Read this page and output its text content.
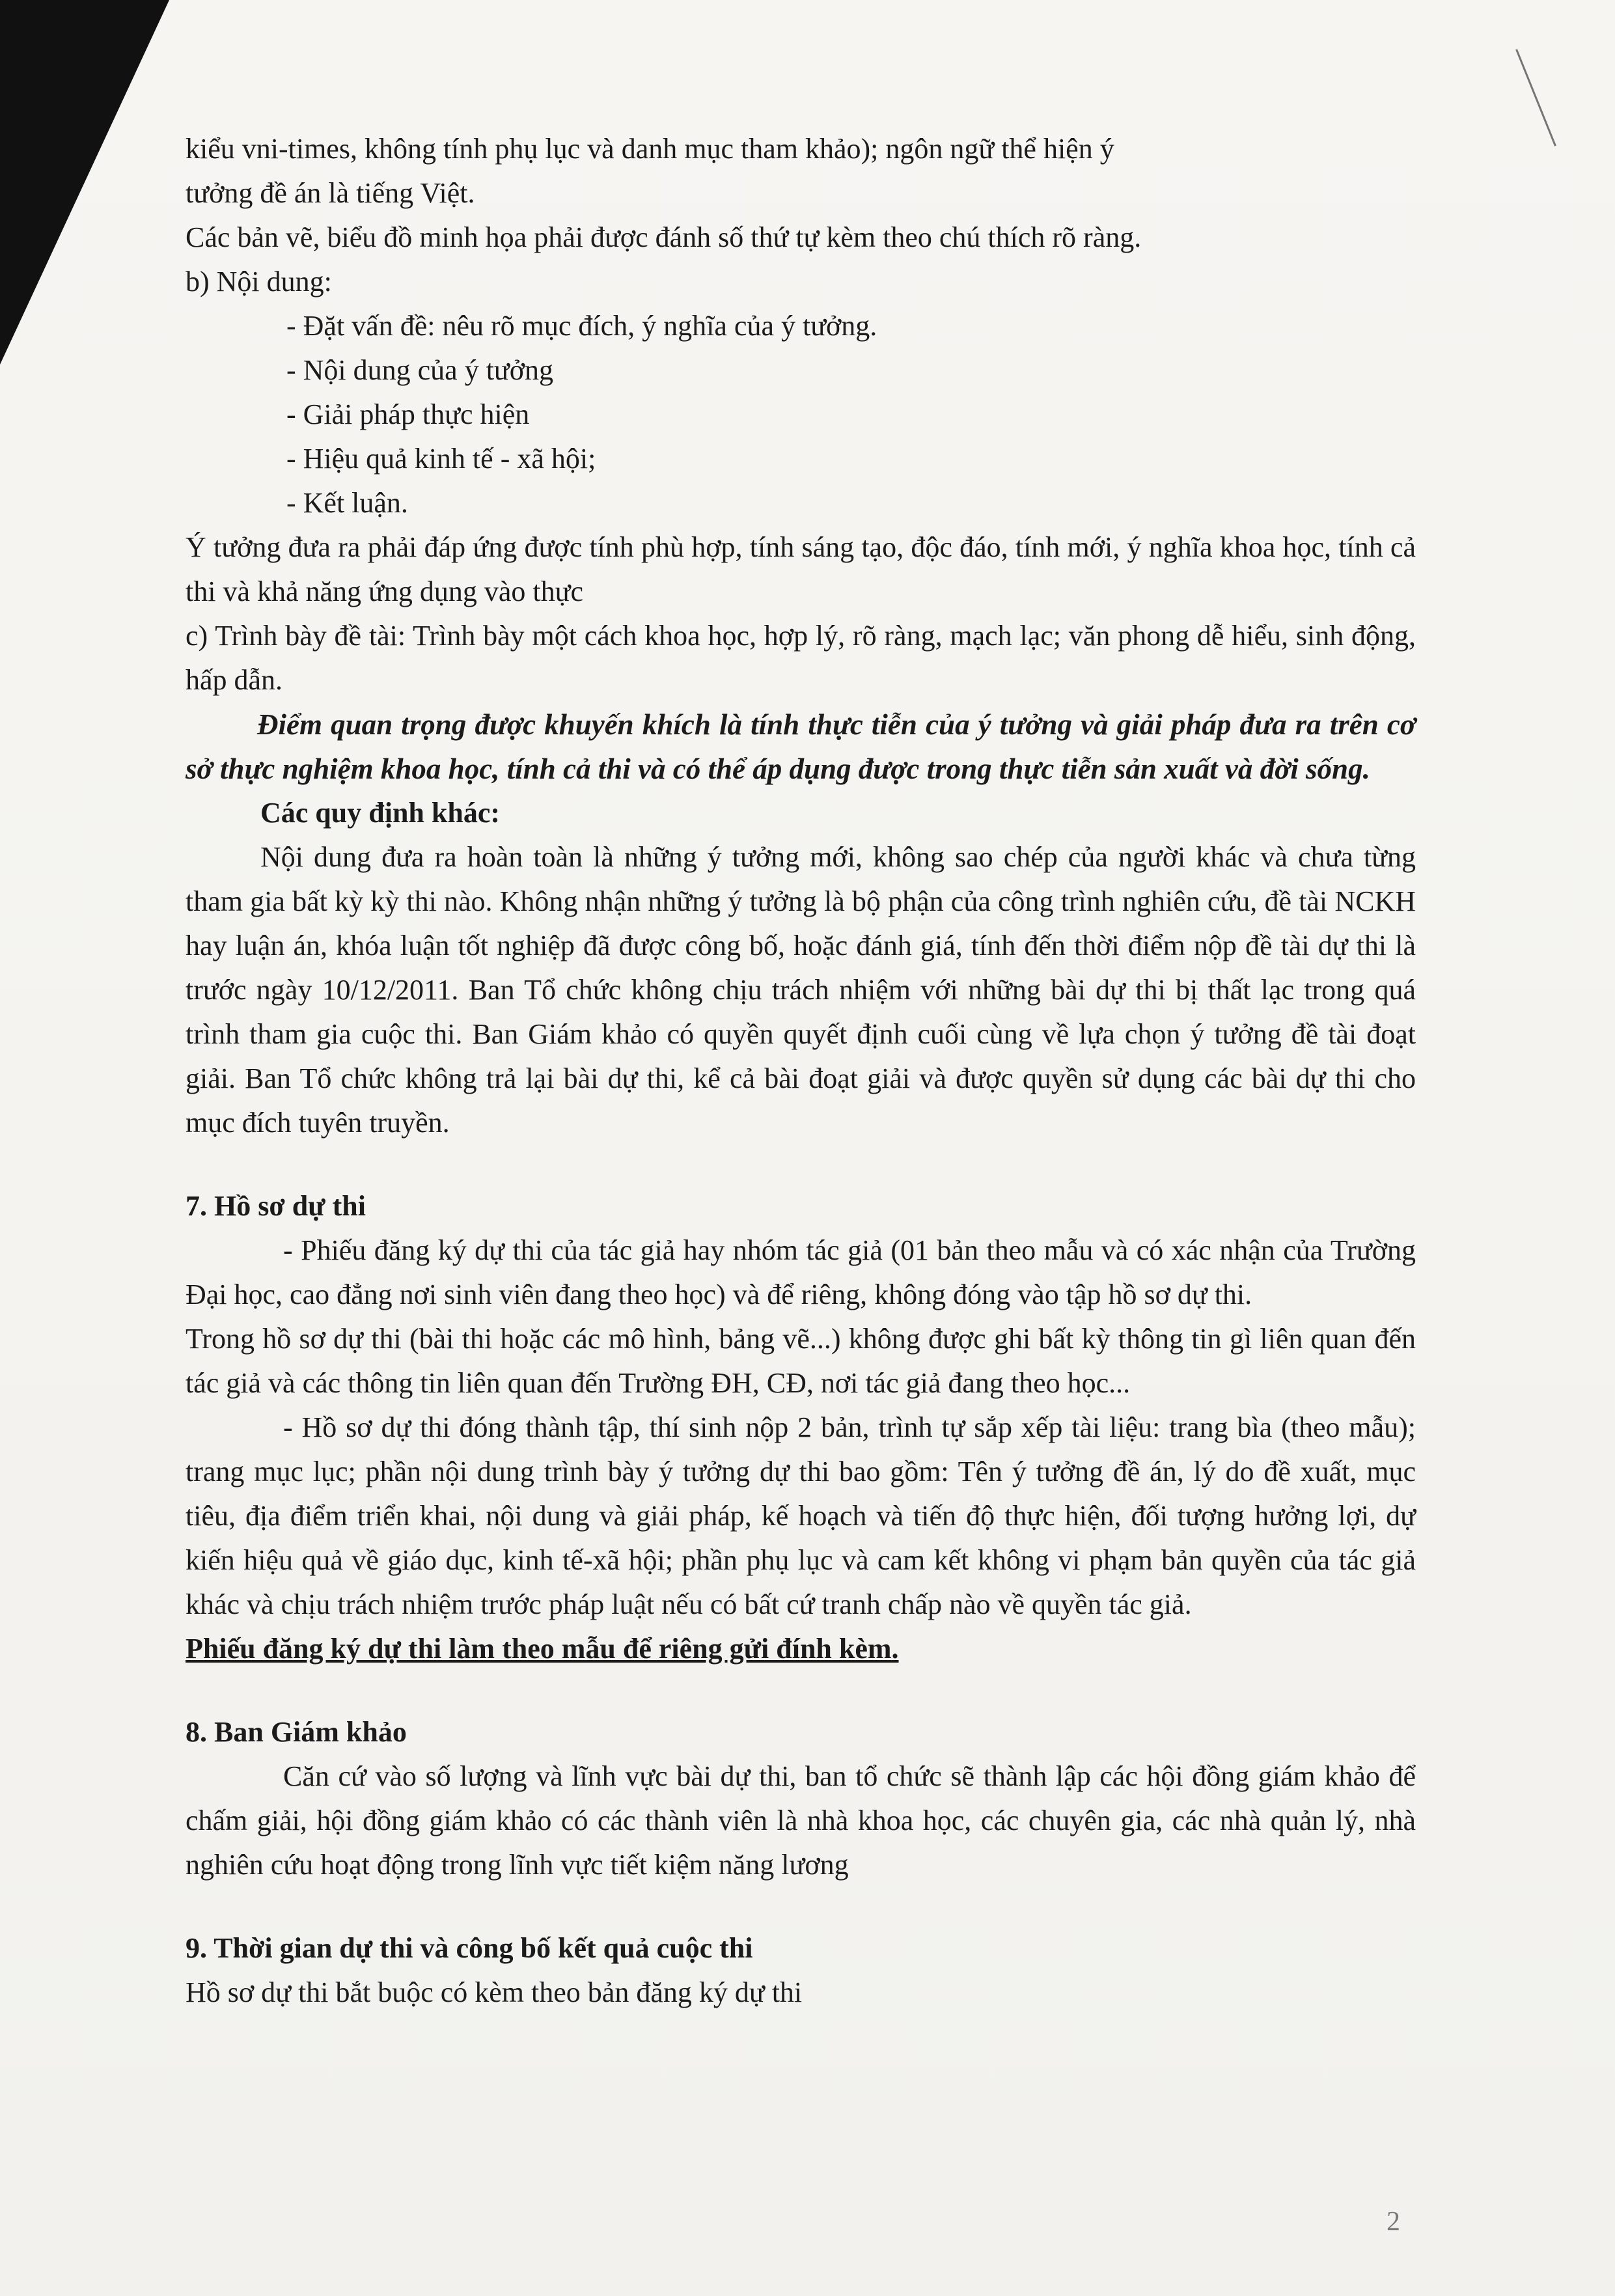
kiểu vni-times, không tính phụ lục và danh mục tham khảo); ngôn ngữ thể hiện ý

tưởng đề án là tiếng Việt.

Các bản vẽ, biểu đồ minh họa phải được đánh số thứ tự kèm theo chú thích rõ ràng.

b) Nội dung:

- Đặt vấn đề: nêu rõ mục đích, ý nghĩa của ý tưởng.

- Nội dung của ý tưởng

- Giải pháp thực hiện

- Hiệu quả kinh tế - xã hội;

- Kết luận.

Ý tưởng đưa ra phải đáp ứng được tính phù hợp, tính sáng tạo, độc đáo, tính mới, ý nghĩa khoa học, tính cả thi và khả năng ứng dụng vào thực

c) Trình bày đề tài: Trình bày một cách khoa học, hợp lý, rõ ràng, mạch lạc; văn phong dễ hiểu, sinh động, hấp dẫn.

Điểm quan trọng được khuyến khích là tính thực tiễn của ý tưởng và giải pháp đưa ra trên cơ sở thực nghiệm khoa học, tính cả thi và có thể áp dụng được trong thực tiễn sản xuất và đời sống.

Các quy định khác:

Nội dung đưa ra hoàn toàn là những ý tưởng mới, không sao chép của người khác và chưa từng tham gia bất kỳ kỳ thi nào. Không nhận những ý tưởng là bộ phận của công trình nghiên cứu, đề tài NCKH hay luận án, khóa luận tốt nghiệp đã được công bố, hoặc đánh giá, tính đến thời điểm nộp đề tài dự thi là trước ngày 10/12/2011. Ban Tổ chức không chịu trách nhiệm với những bài dự thi bị thất lạc trong quá trình tham gia cuộc thi. Ban Giám khảo có quyền quyết định cuối cùng về lựa chọn ý tưởng đề tài đoạt giải. Ban Tổ chức không trả lại bài dự thi, kể cả bài đoạt giải và được quyền sử dụng các bài dự thi cho mục đích tuyên truyền.

7. Hồ sơ dự thi

- Phiếu đăng ký dự thi của tác giả hay nhóm tác giả (01 bản theo mẫu và có xác nhận của Trường Đại học, cao đẳng nơi sinh viên đang theo học) và để riêng, không đóng vào tập hồ sơ dự thi.

Trong hồ sơ dự thi (bài thi hoặc các mô hình, bảng vẽ...) không được ghi bất kỳ thông tin gì liên quan đến tác giả và các thông tin liên quan đến Trường ĐH, CĐ, nơi tác giả đang theo học...

- Hồ sơ dự thi đóng thành tập, thí sinh nộp 2 bản, trình tự sắp xếp tài liệu: trang bìa (theo mẫu); trang mục lục; phần nội dung trình bày ý tưởng dự thi bao gồm: Tên ý tưởng đề án, lý do đề xuất, mục tiêu, địa điểm triển khai, nội dung và giải pháp, kế hoạch và tiến độ thực hiện, đối tượng hưởng lợi, dự kiến hiệu quả về giáo dục, kinh tế-xã hội; phần phụ lục và cam kết không vi phạm bản quyền của tác giả khác và chịu trách nhiệm trước pháp luật nếu có bất cứ tranh chấp nào về quyền tác giả.

Phiếu đăng ký dự thi làm theo mẫu để riêng gửi đính kèm.

8. Ban Giám khảo

Căn cứ vào số lượng và lĩnh vực bài dự thi, ban tổ chức sẽ thành lập các hội đồng giám khảo để chấm giải, hội đồng giám khảo có các thành viên là nhà khoa học, các chuyên gia, các nhà quản lý, nhà nghiên cứu hoạt động trong lĩnh vực tiết kiệm năng lương

9. Thời gian dự thi và công bố kết quả cuộc thi

Hồ sơ dự thi bắt buộc có kèm theo bản đăng ký dự thi

2
